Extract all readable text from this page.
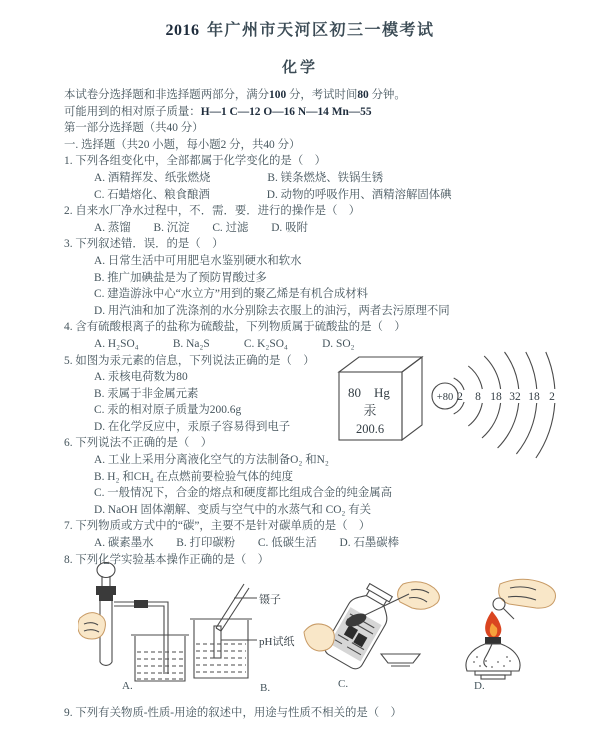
2016 年广州市天河区初三一模考试
化学
本试卷分选择题和非选择题两部分，满分100 分，考试时间80 分钟。
可能用到的相对原子质量：H—1 C—12 O—16 N—14 Mn—55
第一部分选择题（共40 分）
一. 选择题（共20 小题，每小题2 分，共40 分）
1. 下列各组变化中，全部都属于化学变化的是（　）
A. 酒精挥发、纸张燃烧　　　　　B. 镁条燃烧、铁锅生锈
C. 石蜡熔化、粮食酿酒　　　　　D. 动物的呼吸作用、酒精溶解固体碘
2. 自来水厂净水过程中，不．需．要．进行的操作是（　）
A. 蒸馏　　B. 沉淀　　C. 过滤　　D. 吸附
3. 下列叙述错．误．的是（　）
A. 日常生活中可用肥皂水鉴别硬水和软水
B. 推广加碘盐是为了预防胃酸过多
C. 建造游泳中心“水立方”用到的聚乙烯是有机合成材料
D. 用汽油和加了洗涤剂的水分别除去衣服上的油污，两者去污原理不同
4. 含有硫酸根离子的盐称为硫酸盐，下列物质属于硫酸盐的是（　）
A. H₂SO₄　　　B. Na₂S　　　C. K₂SO₄　　　D. SO₂
5. 如图为汞元素的信息，下列说法正确的是（　）
A. 汞核电荷数为80
B. 汞属于非金属元素
C. 汞的相对原子质量为200.6g
D. 在化学反应中，汞原子容易得到电子
6. 下列说法不正确的是（　）
A. 工业上采用分离液化空气的方法制备O₂ 和N₂
B. H₂ 和CH₄ 在点燃前要检验气体的纯度
C. 一般情况下，合金的熔点和硬度都比组成合金的纯金属高
D. NaOH 固体潮解、变质与空气中的水蒸气和 CO₂ 有关
7. 下列物质或方式中的“碳”，主要不是针对碳单质的是（　）
A. 碳素墨水　　B. 打印碳粉　　C. 低碳生活　　D. 石墨碳棒
8. 下列化学实验基本操作正确的是（　）
镊子
pH试纸
A.	B.	C.	D.
9. 下列有关物质-性质-用途的叙述中，用途与性质不相关的是（　）
80 Hg
汞
200.6
+80 2 8 18 32 18 2
